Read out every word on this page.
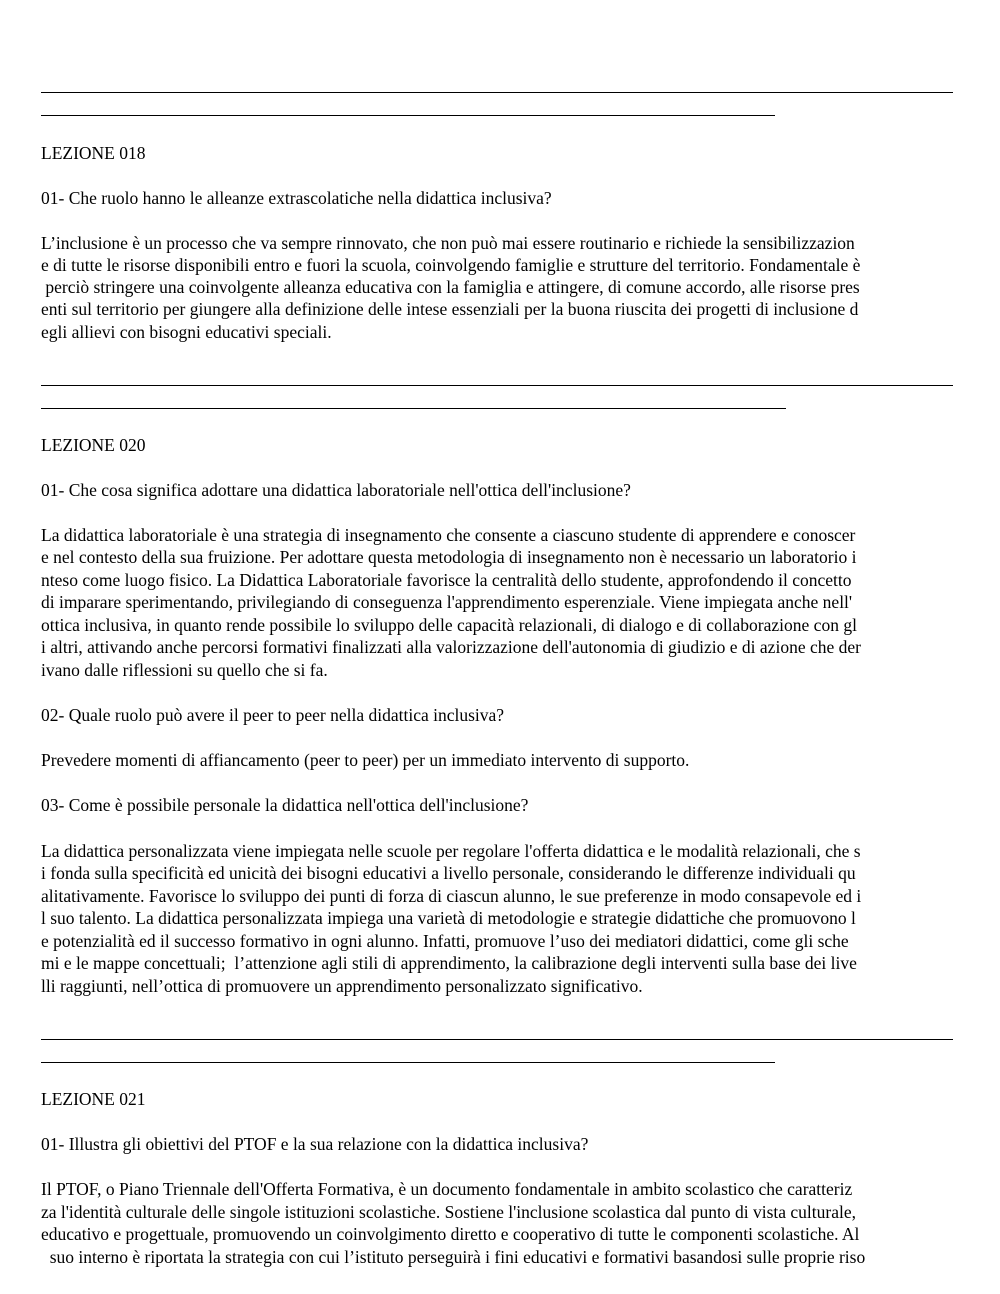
LEZIONE 018

01- Che ruolo hanno le alleanze extrascolatiche nella didattica inclusiva?

L’inclusione è un processo che va sempre rinnovato, che non può mai essere routinario e richiede la sensibilizzazion

e di tutte le risorse disponibili entro e fuori la scuola, coinvolgendo famiglie e strutture del territorio. Fondamentale è

perciò stringere una coinvolgente alleanza educativa con la famiglia e attingere, di comune accordo, alle risorse pres

enti sul territorio per giungere alla definizione delle intese essenziali per la buona riuscita dei progetti di inclusione d

egli allievi con bisogni educativi speciali.

LEZIONE 020

01- Che cosa significa adottare una didattica laboratoriale nell'ottica dell'inclusione?

La didattica laboratoriale è una strategia di insegnamento che consente a ciascuno studente di apprendere e conoscer

e nel contesto della sua fruizione. Per adottare questa metodologia di insegnamento non è necessario un laboratorio i

nteso come luogo fisico. La Didattica Laboratoriale favorisce la centralità dello studente, approfondendo il concetto

di imparare sperimentando, privilegiando di conseguenza l'apprendimento esperenziale. Viene impiegata anche nell'

ottica inclusiva, in quanto rende possibile lo sviluppo delle capacità relazionali, di dialogo e di collaborazione con gl

i altri, attivando anche percorsi formativi finalizzati alla valorizzazione dell'autonomia di giudizio e di azione che der

ivano dalle riflessioni su quello che si fa.

02- Quale ruolo può avere il peer to peer nella didattica inclusiva?

Prevedere momenti di affiancamento (peer to peer) per un immediato intervento di supporto.

03- Come è possibile personale la didattica nell'ottica dell'inclusione?

La didattica personalizzata viene impiegata nelle scuole per regolare l'offerta didattica e le modalità relazionali, che s

i fonda sulla specificità ed unicità dei bisogni educativi a livello personale, considerando le differenze individuali qu

alitativamente. Favorisce lo sviluppo dei punti di forza di ciascun alunno, le sue preferenze in modo consapevole ed i

l suo talento. La didattica personalizzata impiega una varietà di metodologie e strategie didattiche che promuovono l

e potenzialità ed il successo formativo in ogni alunno. Infatti, promuove l’uso dei mediatori didattici, come gli sche

mi e le mappe concettuali;  l’attenzione agli stili di apprendimento, la calibrazione degli interventi sulla base dei live

lli raggiunti, nell’ottica di promuovere un apprendimento personalizzato significativo.

LEZIONE 021

01- Illustra gli obiettivi del PTOF e la sua relazione con la didattica inclusiva?

Il PTOF, o Piano Triennale dell'Offerta Formativa, è un documento fondamentale in ambito scolastico che caratteriz

za l'identità culturale delle singole istituzioni scolastiche. Sostiene l'inclusione scolastica dal punto di vista culturale,

educativo e progettuale, promuovendo un coinvolgimento diretto e cooperativo di tutte le componenti scolastiche. Al

suo interno è riportata la strategia con cui l’istituto perseguirà i fini educativi e formativi basandosi sulle proprie riso
